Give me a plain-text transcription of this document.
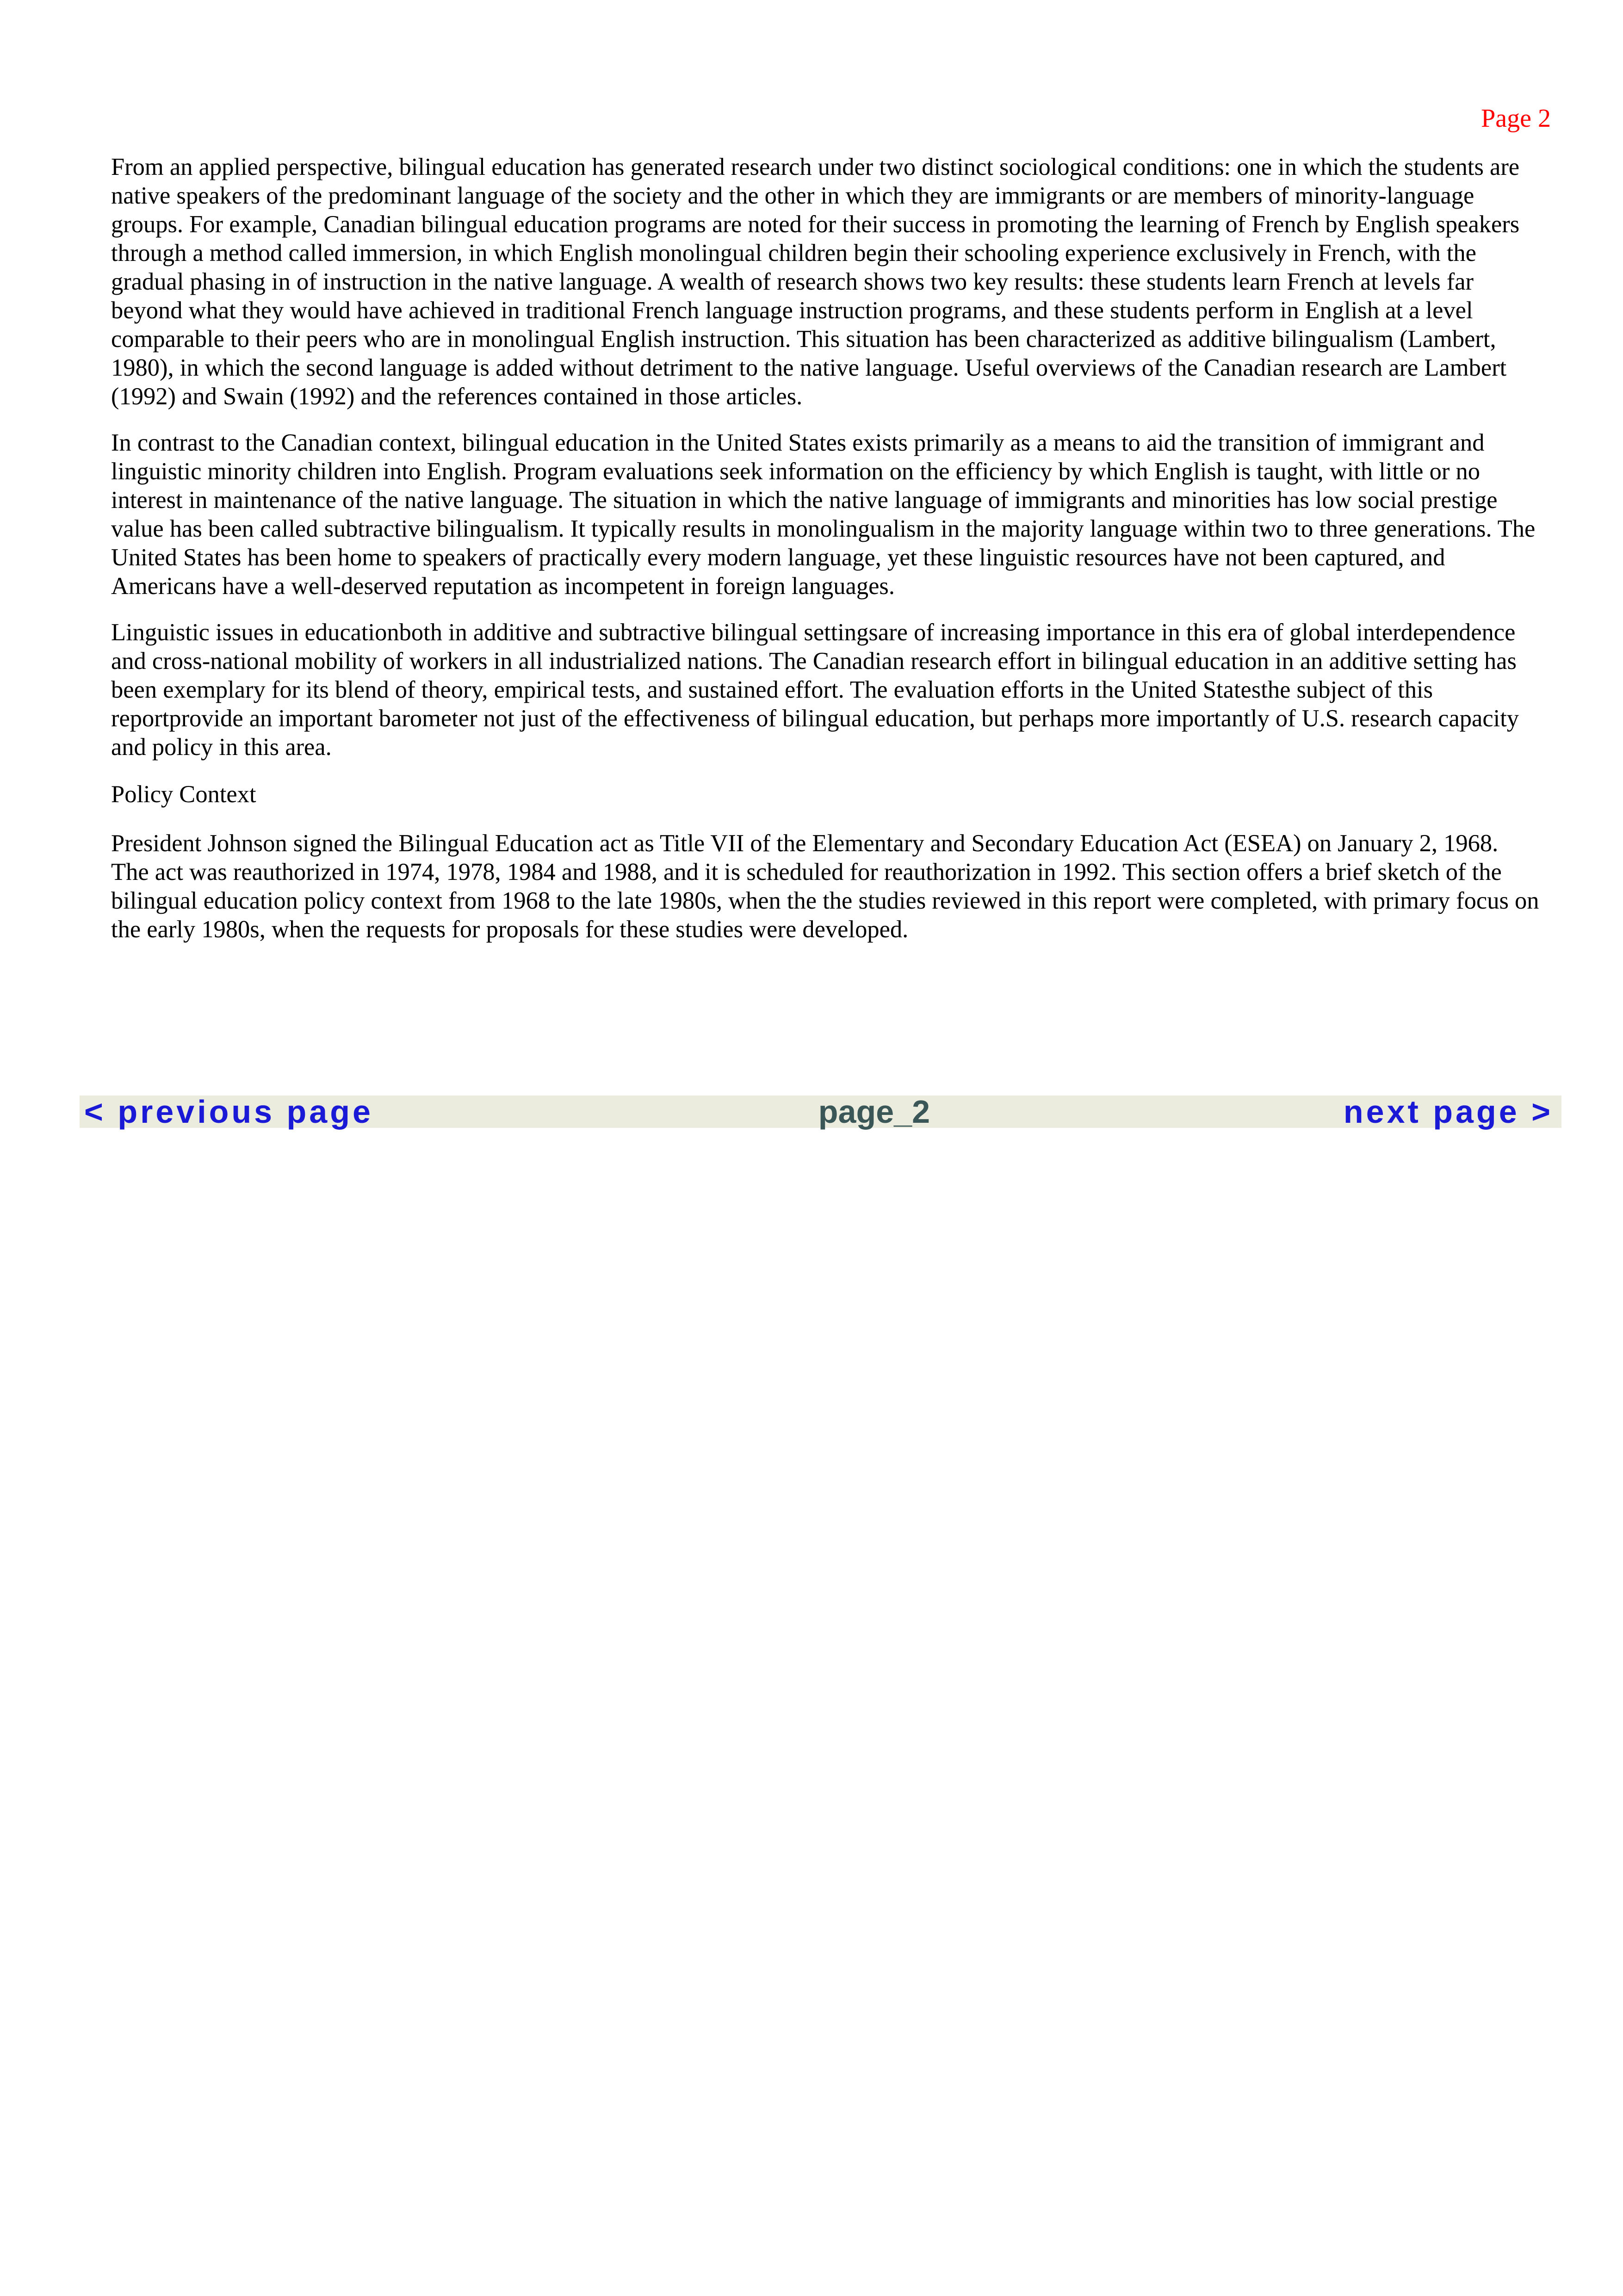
Page 2

From an applied perspective, bilingual education has generated research under two distinct sociological conditions: one in which the students are native speakers of the predominant language of the society and the other in which they are immigrants or are members of minority-language groups. For example, Canadian bilingual education programs are noted for their success in promoting the learning of French by English speakers through a method called immersion, in which English monolingual children begin their schooling experience exclusively in French, with the gradual phasing in of instruction in the native language. A wealth of research shows two key results: these students learn French at levels far beyond what they would have achieved in traditional French language instruction programs, and these students perform in English at a level comparable to their peers who are in monolingual English instruction. This situation has been characterized as additive bilingualism (Lambert, 1980), in which the second language is added without detriment to the native language. Useful overviews of the Canadian research are Lambert (1992) and Swain (1992) and the references contained in those articles.

In contrast to the Canadian context, bilingual education in the United States exists primarily as a means to aid the transition of immigrant and linguistic minority children into English. Program evaluations seek information on the efficiency by which English is taught, with little or no interest in maintenance of the native language. The situation in which the native language of immigrants and minorities has low social prestige value has been called subtractive bilingualism. It typically results in monolingualism in the majority language within two to three generations. The United States has been home to speakers of practically every modern language, yet these linguistic resources have not been captured, and Americans have a well-deserved reputation as incompetent in foreign languages.

Linguistic issues in educationboth in additive and subtractive bilingual settingsare of increasing importance in this era of global interdependence and cross-national mobility of workers in all industrialized nations. The Canadian research effort in bilingual education in an additive setting has been exemplary for its blend of theory, empirical tests, and sustained effort. The evaluation efforts in the United Statesthe subject of this reportprovide an important barometer not just of the effectiveness of bilingual education, but perhaps more importantly of U.S. research capacity and policy in this area.

Policy Context

President Johnson signed the Bilingual Education act as Title VII of the Elementary and Secondary Education Act (ESEA) on January 2, 1968. The act was reauthorized in 1974, 1978, 1984 and 1988, and it is scheduled for reauthorization in 1992. This section offers a brief sketch of the bilingual education policy context from 1968 to the late 1980s, when the the studies reviewed in this report were completed, with primary focus on the early 1980s, when the requests for proposals for these studies were developed.

< previous page	page_2	next page >
